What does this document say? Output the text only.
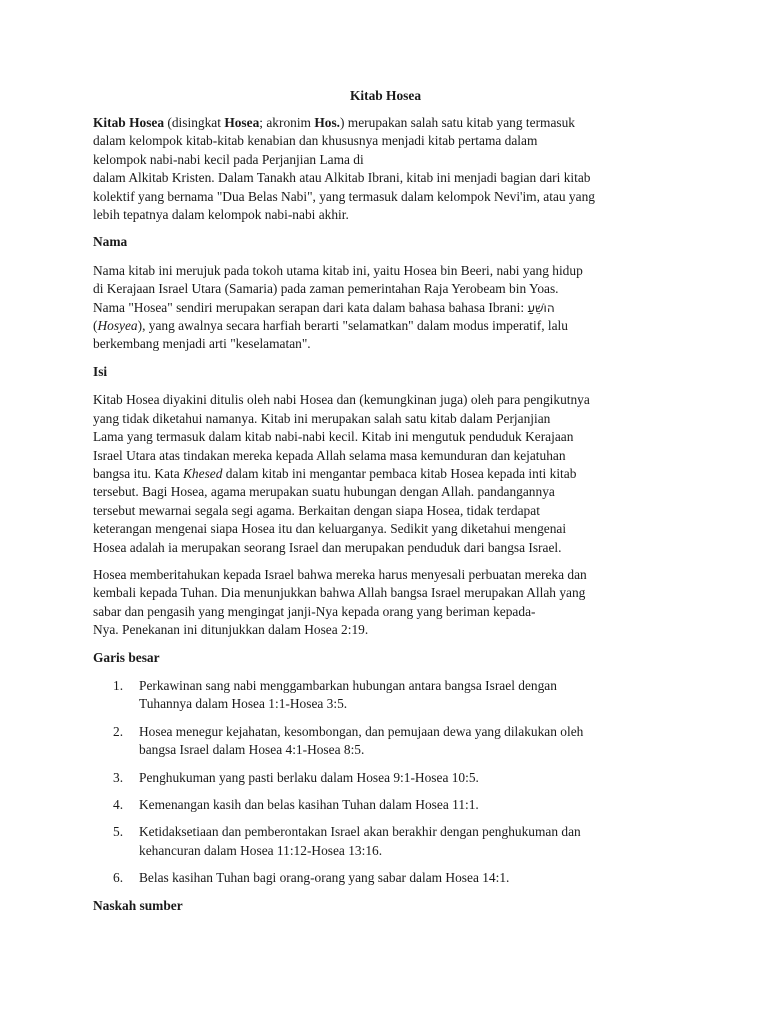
Kitab Hosea

Kitab Hosea (disingkat Hosea; akronim Hos.) merupakan salah satu kitab yang termasuk
dalam kelompok kitab-kitab kenabian dan khususnya menjadi kitab pertama dalam
kelompok nabi-nabi kecil pada Perjanjian Lama di
dalam Alkitab Kristen. Dalam Tanakh atau Alkitab Ibrani, kitab ini menjadi bagian dari kitab
kolektif yang bernama "Dua Belas Nabi", yang termasuk dalam kelompok Nevi'im, atau yang
lebih tepatnya dalam kelompok nabi-nabi akhir.

Nama

Nama kitab ini merujuk pada tokoh utama kitab ini, yaitu Hosea bin Beeri, nabi yang hidup
di Kerajaan Israel Utara (Samaria) pada zaman pemerintahan Raja Yerobeam bin Yoas.
Nama "Hosea" sendiri merupakan serapan dari kata dalam bahasa bahasa Ibrani: הוֹשֵׁעַ
(Hosyea), yang awalnya secara harfiah berarti "selamatkan" dalam modus imperatif, lalu
berkembang menjadi arti "keselamatan".

Isi

Kitab Hosea diyakini ditulis oleh nabi Hosea dan (kemungkinan juga) oleh para pengikutnya
yang tidak diketahui namanya. Kitab ini merupakan salah satu kitab dalam Perjanjian
Lama yang termasuk dalam kitab nabi-nabi kecil. Kitab ini mengutuk penduduk Kerajaan
Israel Utara atas tindakan mereka kepada Allah selama masa kemunduran dan kejatuhan
bangsa itu. Kata Khesed dalam kitab ini mengantar pembaca kitab Hosea kepada inti kitab
tersebut. Bagi Hosea, agama merupakan suatu hubungan dengan Allah. pandangannya
tersebut mewarnai segala segi agama. Berkaitan dengan siapa Hosea, tidak terdapat
keterangan mengenai siapa Hosea itu dan keluarganya. Sedikit yang diketahui mengenai
Hosea adalah ia merupakan seorang Israel dan merupakan penduduk dari bangsa Israel.

Hosea memberitahukan kepada Israel bahwa mereka harus menyesali perbuatan mereka dan
kembali kepada Tuhan. Dia menunjukkan bahwa Allah bangsa Israel merupakan Allah yang
sabar dan pengasih yang mengingat janji-Nya kepada orang yang beriman kepada-
Nya. Penekanan ini ditunjukkan dalam Hosea 2:19.

Garis besar
1. Perkawinan sang nabi menggambarkan hubungan antara bangsa Israel dengan
Tuhannya dalam Hosea 1:1-Hosea 3:5.
2. Hosea menegur kejahatan, kesombongan, dan pemujaan dewa yang dilakukan oleh
bangsa Israel dalam Hosea 4:1-Hosea 8:5.
3. Penghukuman yang pasti berlaku dalam Hosea 9:1-Hosea 10:5.
4. Kemenangan kasih dan belas kasihan Tuhan dalam Hosea 11:1.
5. Ketidaksetiaan dan pemberontakan Israel akan berakhir dengan penghukuman dan
kehancuran dalam Hosea 11:12-Hosea 13:16.
6. Belas kasihan Tuhan bagi orang-orang yang sabar dalam Hosea 14:1.
Naskah sumber
